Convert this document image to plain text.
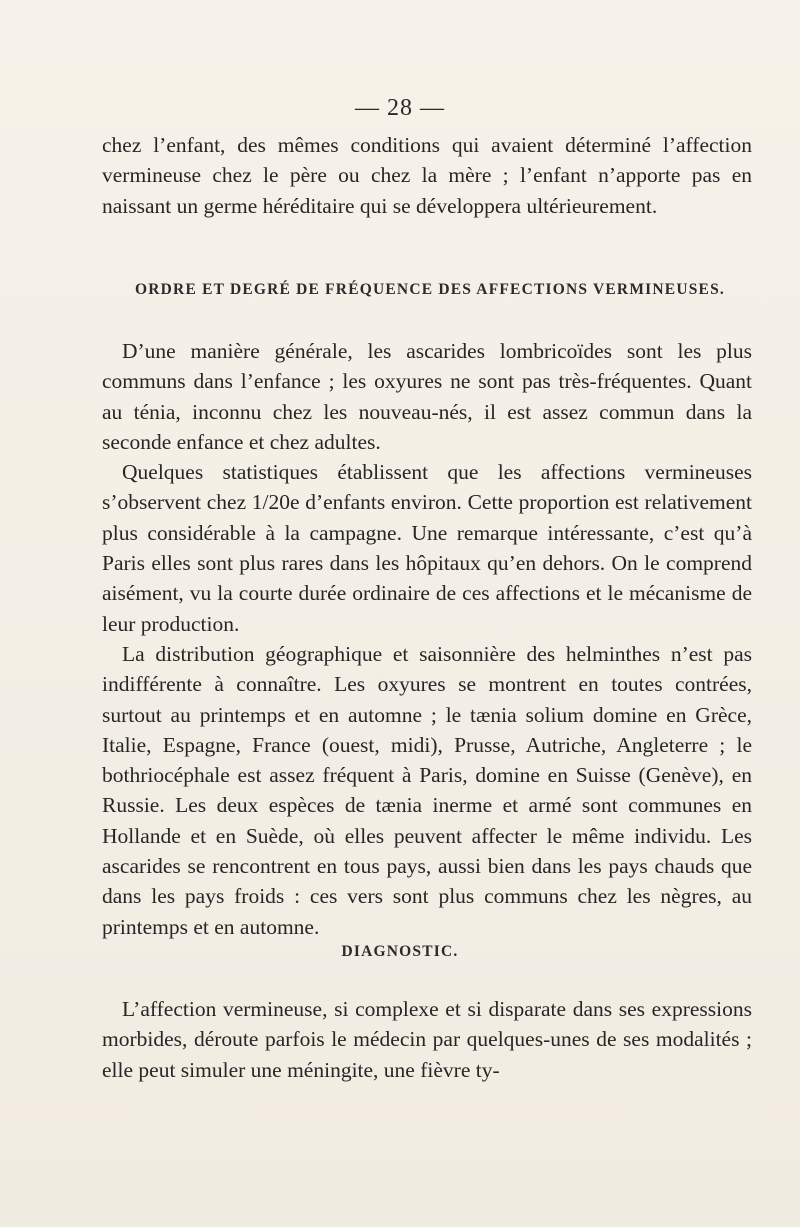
— 28 —

chez l’enfant, des mêmes conditions qui avaient déterminé l’affection vermineuse chez le père ou chez la mère ; l’enfant n’apporte pas en naissant un germe héréditaire qui se développera ultérieurement.

ORDRE ET DEGRÉ DE FRÉQUENCE DES AFFECTIONS VERMINEUSES.

D’une manière générale, les ascarides lombricoïdes sont les plus communs dans l’enfance ; les oxyures ne sont pas très-fréquentes. Quant au ténia, inconnu chez les nouveau-nés, il est assez commun dans la seconde enfance et chez adultes.

Quelques statistiques établissent que les affections vermineuses s’observent chez 1/20e d’enfants environ. Cette proportion est relativement plus considérable à la campagne. Une remarque intéressante, c’est qu’à Paris elles sont plus rares dans les hôpitaux qu’en dehors. On le comprend aisément, vu la courte durée ordinaire de ces affections et le mécanisme de leur production.

La distribution géographique et saisonnière des helminthes n’est pas indifférente à connaître. Les oxyures se montrent en toutes contrées, surtout au printemps et en automne ; le tænia solium domine en Grèce, Italie, Espagne, France (ouest, midi), Prusse, Autriche, Angleterre ; le bothriocéphale est assez fréquent à Paris, domine en Suisse (Genève), en Russie. Les deux espèces de tænia inerme et armé sont communes en Hollande et en Suède, où elles peuvent affecter le même individu. Les ascarides se rencontrent en tous pays, aussi bien dans les pays chauds que dans les pays froids : ces vers sont plus communs chez les nègres, au printemps et en automne.

DIAGNOSTIC.

L’affection vermineuse, si complexe et si disparate dans ses expressions morbides, déroute parfois le médecin par quelques-unes de ses modalités ; elle peut simuler une méningite, une fièvre ty-
